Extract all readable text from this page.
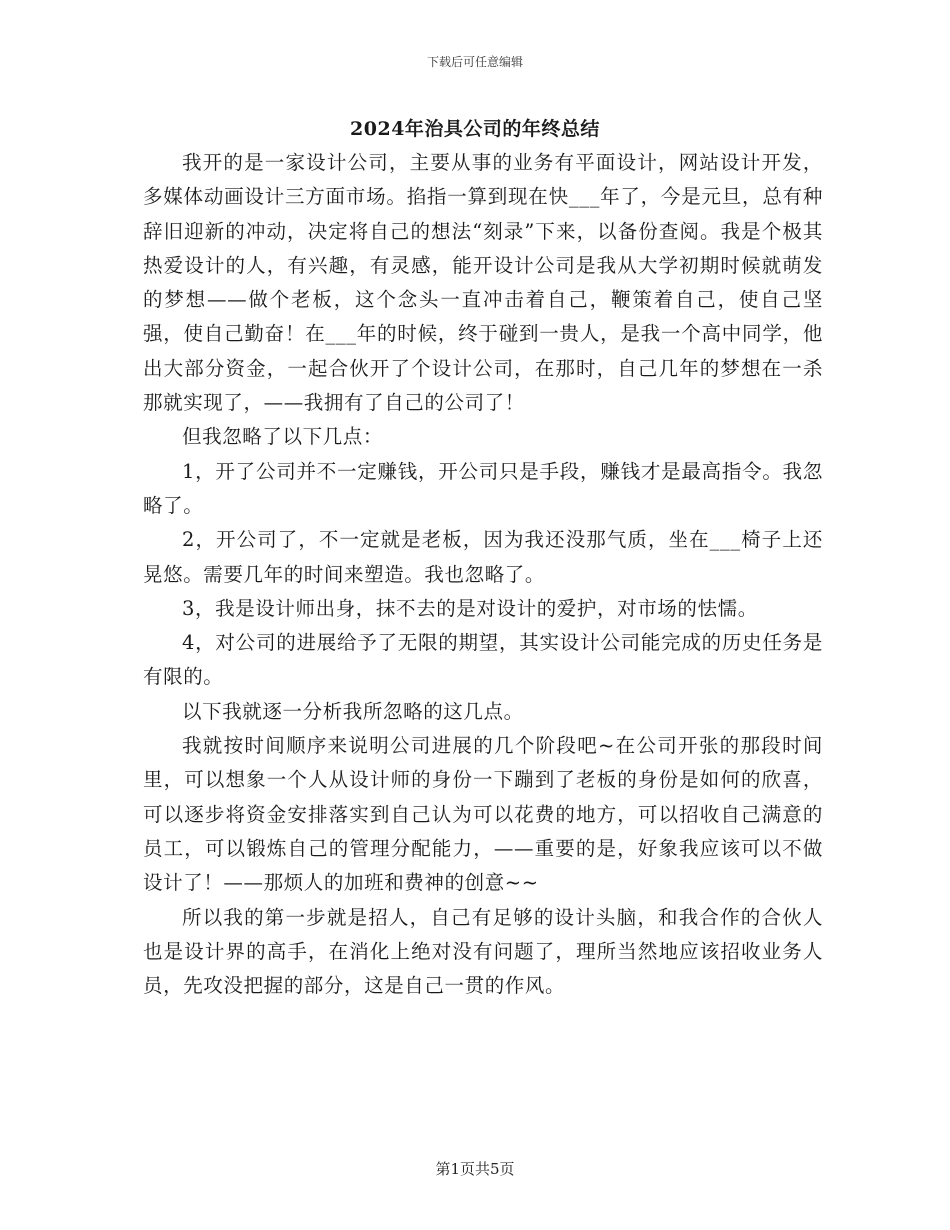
下载后可任意编辑
2024年治具公司的年终总结

我开的是一家设计公司，主要从事的业务有平面设计，网站设计开发，多媒体动画设计三方面市场。掐指一算到现在快___年了，今是元旦，总有种辞旧迎新的冲动，决定将自己的想法“刻录”下来，以备份查阅。我是个极其热爱设计的人，有兴趣，有灵感，能开设计公司是我从大学初期时候就萌发的梦想——做个老板，这个念头一直冲击着自己，鞭策着自己，使自己坚强，使自己勤奋！在___年的时候，终于碰到一贵人，是我一个高中同学，他出大部分资金，一起合伙开了个设计公司，在那时，自己几年的梦想在一杀那就实现了，——我拥有了自己的公司了！

但我忽略了以下几点：

1，开了公司并不一定赚钱，开公司只是手段，赚钱才是最高指令。我忽略了。

2，开公司了，不一定就是老板，因为我还没那气质，坐在___椅子上还晃悠。需要几年的时间来塑造。我也忽略了。

3，我是设计师出身，抹不去的是对设计的爱护，对市场的怯懦。

4，对公司的进展给予了无限的期望，其实设计公司能完成的历史任务是有限的。

以下我就逐一分析我所忽略的这几点。

我就按时间顺序来说明公司进展的几个阶段吧~在公司开张的那段时间里，可以想象一个人从设计师的身份一下蹦到了老板的身份是如何的欣喜，可以逐步将资金安排落实到自己认为可以花费的地方，可以招收自己满意的员工，可以锻炼自己的管理分配能力，——重要的是，好象我应该可以不做设计了！——那烦人的加班和费神的创意~~

所以我的第一步就是招人，自己有足够的设计头脑，和我合作的合伙人也是设计界的高手，在消化上绝对没有问题了，理所当然地应该招收业务人员，先攻没把握的部分，这是自己一贯的作风。

第1页共5页
